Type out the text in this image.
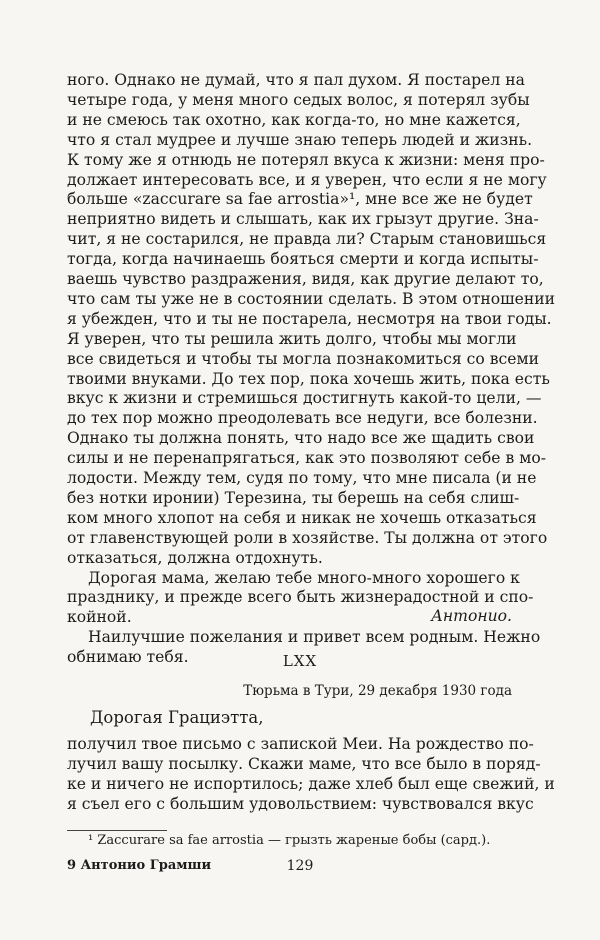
ного. Однако не думай, что я пал духом. Я постарел на
четыре года, у меня много седых волос, я потерял зубы
и не смеюсь так охотно, как когда-то, но мне кажется,
что я стал мудрее и лучше знаю теперь людей и жизнь.
К тому же я отнюдь не потерял вкуса к жизни: меня про-
должает интересовать все, и я уверен, что если я не могу
больше «zaccurare sa fae arrostia»¹, мне все же не будет
неприятно видеть и слышать, как их грызут другие. Зна-
чит, я не состарился, не правда ли? Старым становишься
тогда, когда начинаешь бояться смерти и когда испыты-
ваешь чувство раздражения, видя, как другие делают то,
что сам ты уже не в состоянии сделать. В этом отношении
я убежден, что и ты не постарела, несмотря на твои годы.
Я уверен, что ты решила жить долго, чтобы мы могли
все свидеться и чтобы ты могла познакомиться со всеми
твоими внуками. До тех пор, пока хочешь жить, пока есть
вкус к жизни и стремишься достигнуть какой-то цели, —
до тех пор можно преодолевать все недуги, все болезни.
Однако ты должна понять, что надо все же щадить свои
силы и не перенапрягаться, как это позволяют себе в мо-
лодости. Между тем, судя по тому, что мне писала (и не
без нотки иронии) Терезина, ты берешь на себя слиш-
ком много хлопот на себя и никак не хочешь отказаться
от главенствующей роли в хозяйстве. Ты должна от этого
отказаться, должна отдохнуть.
Дорогая мама, желаю тебе много-много хорошего к
празднику, и прежде всего быть жизнерадостной и спо-
койной.
Наилучшие пожелания и привет всем родным. Нежно
обнимаю тебя.
Антонио.
LXX
Тюрьма в Тури, 29 декабря 1930 года
Дорогая Грациэтта,
получил твое письмо с запиской Меи. На рождество по-
лучил вашу посылку. Скажи маме, что все было в поряд-
ке и ничего не испортилось; даже хлеб был еще свежий, и
я съел его с большим удовольствием: чувствовался вкус
¹ Zaccurare sa fae arrostia — грызть жареные бобы (сард.).
9 Антонио Грамши	129
